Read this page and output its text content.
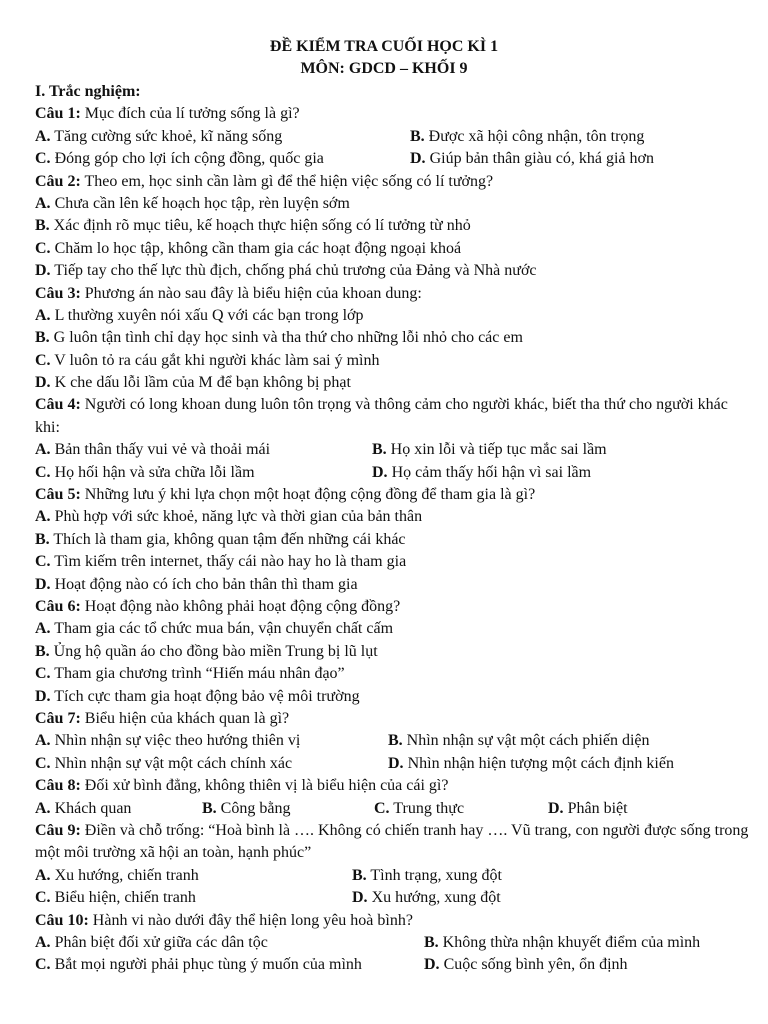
ĐỀ KIỂM TRA CUỐI HỌC KÌ 1
MÔN: GDCD – KHỐI 9
I. Trắc nghiệm:
Câu 1: Mục đích của lí tưởng sống là gì?
A. Tăng cường sức khoẻ, kĩ năng sống	B. Được xã hội công nhận, tôn trọng
C. Đóng góp cho lợi ích cộng đồng, quốc gia	D. Giúp bản thân giàu có, khá giả hơn
Câu 2: Theo em, học sinh cần làm gì để thể hiện việc sống có lí tưởng?
A. Chưa cần lên kế hoạch học tập, rèn luyện sớm
B. Xác định rõ mục tiêu, kế hoạch thực hiện sống có lí tưởng từ nhỏ
C. Chăm lo học tập, không cần tham gia các hoạt động ngoại khoá
D. Tiếp tay cho thế lực thù địch, chống phá chủ trương của Đảng và Nhà nước
Câu 3: Phương án nào sau đây là biểu hiện của khoan dung:
A. L thường xuyên nói xấu Q với các bạn trong lớp
B. G luôn tận tình chỉ dạy học sinh và tha thứ cho những lỗi nhỏ cho các em
C. V luôn tỏ ra cáu gắt khi người khác làm sai ý mình
D. K che dấu lỗi lầm của M để bạn không bị phạt
Câu 4: Người có long khoan dung luôn tôn trọng và thông cảm cho người khác, biết tha thứ cho người khác khi:
A. Bản thân thấy vui vẻ và thoải mái	B. Họ xin lỗi và tiếp tục mắc sai lầm
C. Họ hối hận và sửa chữa lỗi lầm	D. Họ cảm thấy hối hận vì sai lầm
Câu 5: Những lưu ý khi lựa chọn một hoạt động cộng đồng để tham gia là gì?
A. Phù hợp với sức khoẻ, năng lực và thời gian của bản thân
B. Thích là tham gia, không quan tậm đến những cái khác
C. Tìm kiếm trên internet, thấy cái nào hay ho là tham gia
D. Hoạt động nào có ích cho bản thân thì tham gia
Câu 6: Hoạt động nào không phải hoạt động cộng đồng?
A. Tham gia các tổ chức mua bán, vận chuyển chất cấm
B. Ủng hộ quần áo cho đồng bào miền Trung bị lũ lụt
C. Tham gia chương trình “Hiến máu nhân đạo”
D. Tích cực tham gia hoạt động bảo vệ môi trường
Câu 7: Biểu hiện của khách quan là gì?
A. Nhìn nhận sự việc theo hướng thiên vị	B. Nhìn nhận sự vật một cách phiến diện
C. Nhìn nhận sự vật một cách chính xác	D. Nhìn nhận hiện tượng một cách định kiến
Câu 8: Đối xử bình đẳng, không thiên vị là biểu hiện của cái gì?
A. Khách quan	B. Công bằng	C. Trung thực	D. Phân biệt
Câu 9: Điền và chỗ trống: “Hoà bình là …. Không có chiến tranh hay …. Vũ trang, con người được sống trong một môi trường xã hội an toàn, hạnh phúc”
A. Xu hướng, chiến tranh	B. Tình trạng, xung đột
C. Biểu hiện, chiến tranh	D. Xu hướng, xung đột
Câu 10: Hành vi nào dưới đây thể hiện long yêu hoà bình?
A. Phân biệt đối xử giữa các dân tộc	B. Không thừa nhận khuyết điểm của mình
C. Bắt mọi người phải phục tùng ý muốn của mình	D. Cuộc sống bình yên, ổn định
